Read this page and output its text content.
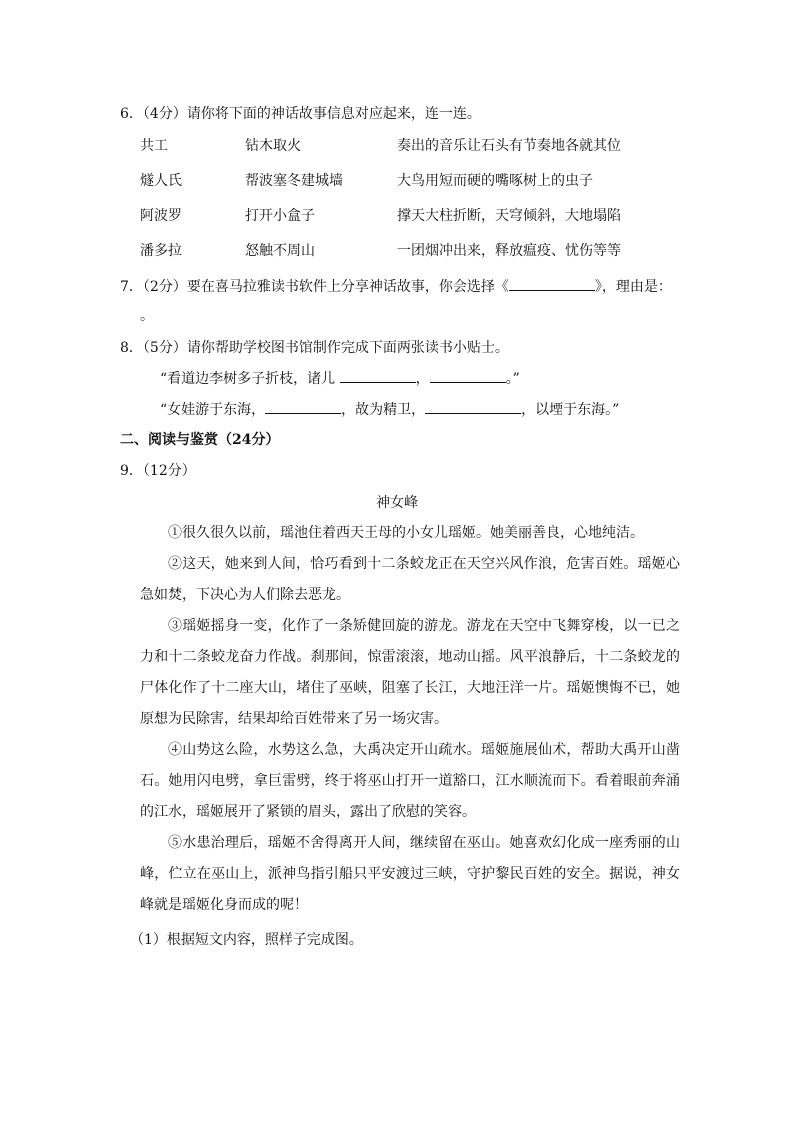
6．（4分）请你将下面的神话故事信息对应起来，连一连。
共工	钻木取火	奏出的音乐让石头有节奏地各就其位
燧人氏	帮波塞冬建城墙	大鸟用短而硬的嘴啄树上的虫子
阿波罗	打开小盒子	撑天大柱折断，天穹倾斜，大地塌陷
潘多拉	怒触不周山	一团烟冲出来，释放瘟疫、忧伤等等
7．（2分）要在喜马拉雅读书软件上分享神话故事，你会选择《	》，理由是：
。
8．（5分）请你帮助学校图书馆制作完成下面两张读书小贴士。
“看道边李树多子折枝，诸儿	，	。”
“女娃游于东海，	，故为精卫，	，以堙于东海。”
二、阅读与鉴赏（24分）
9．（12分）
神女峰
①很久很久以前，瑶池住着西天王母的小女儿瑶姬。她美丽善良，心地纯洁。
②这天，她来到人间，恰巧看到十二条蛟龙正在天空兴风作浪，危害百姓。瑶姬心急如焚，下决心为人们除去恶龙。
③瑶姬摇身一变，化作了一条矫健回旋的游龙。游龙在天空中飞舞穿梭，以一已之力和十二条蛟龙奋力作战。刹那间，惊雷滚滚，地动山摇。风平浪静后，十二条蛟龙的尸体化作了十二座大山，堵住了巫峡，阻塞了长江，大地汪洋一片。瑶姬懊悔不已，她原想为民除害，结果却给百姓带来了另一场灾害。
④山势这么险，水势这么急，大禹决定开山疏水。瑶姬施展仙术，帮助大禹开山凿石。她用闪电劈，拿巨雷劈，终于将巫山打开一道豁口，江水顺流而下。看着眼前奔涌的江水，瑶姬展开了紧锁的眉头，露出了欣慰的笑容。
⑤水患治理后，瑶姬不舍得离开人间，继续留在巫山。她喜欢幻化成一座秀丽的山峰，伫立在巫山上，派神鸟指引船只平安渡过三峡，守护黎民百姓的安全。据说，神女峰就是瑶姬化身而成的呢！
（1）根据短文内容，照样子完成图。
